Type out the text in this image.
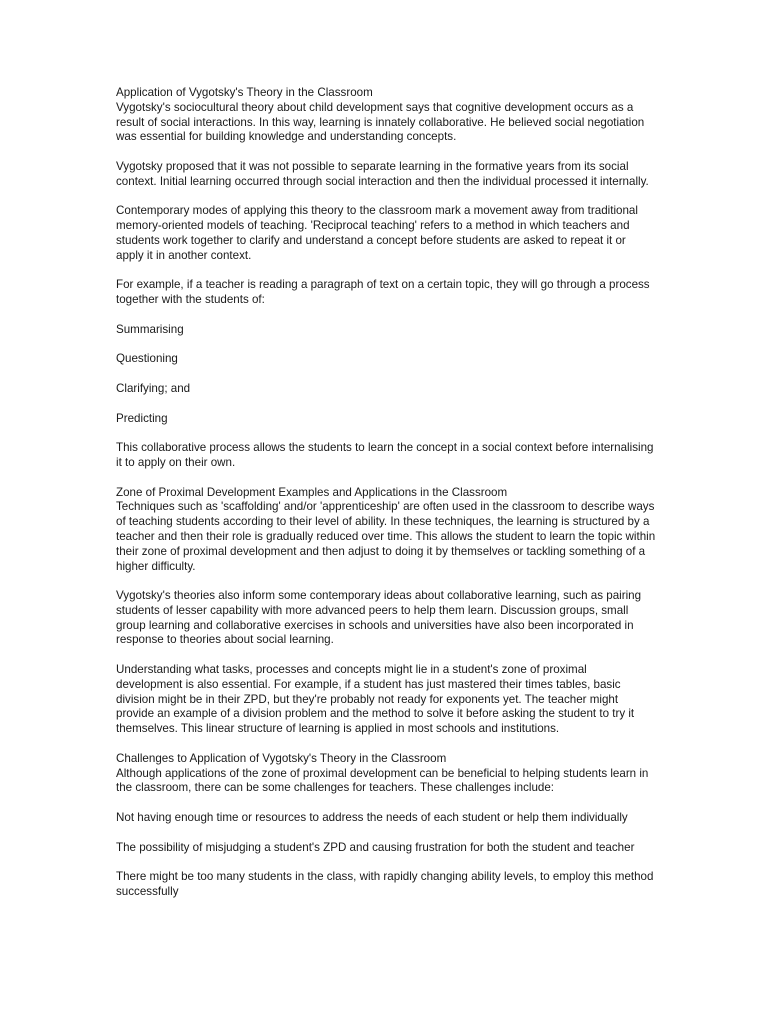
Application of Vygotsky's Theory in the Classroom

Vygotsky's sociocultural theory about child development says that cognitive development occurs as a result of social interactions. In this way, learning is innately collaborative. He believed social negotiation was essential for building knowledge and understanding concepts.

Vygotsky proposed that it was not possible to separate learning in the formative years from its social context. Initial learning occurred through social interaction and then the individual processed it internally.

Contemporary modes of applying this theory to the classroom mark a movement away from traditional memory-oriented models of teaching. 'Reciprocal teaching' refers to a method in which teachers and students work together to clarify and understand a concept before students are asked to repeat it or apply it in another context.

For example, if a teacher is reading a paragraph of text on a certain topic, they will go through a process together with the students of:

Summarising

Questioning

Clarifying; and

Predicting

This collaborative process allows the students to learn the concept in a social context before internalising it to apply on their own.

Zone of Proximal Development Examples and Applications in the Classroom

Techniques such as 'scaffolding' and/or 'apprenticeship' are often used in the classroom to describe ways of teaching students according to their level of ability. In these techniques, the learning is structured by a teacher and then their role is gradually reduced over time. This allows the student to learn the topic within their zone of proximal development and then adjust to doing it by themselves or tackling something of a higher difficulty.

Vygotsky's theories also inform some contemporary ideas about collaborative learning, such as pairing students of lesser capability with more advanced peers to help them learn. Discussion groups, small group learning and collaborative exercises in schools and universities have also been incorporated in response to theories about social learning.

Understanding what tasks, processes and concepts might lie in a student's zone of proximal development is also essential. For example, if a student has just mastered their times tables, basic division might be in their ZPD, but they're probably not ready for exponents yet. The teacher might provide an example of a division problem and the method to solve it before asking the student to try it themselves. This linear structure of learning is applied in most schools and institutions.

Challenges to Application of Vygotsky's Theory in the Classroom

Although applications of the zone of proximal development can be beneficial to helping students learn in the classroom, there can be some challenges for teachers. These challenges include:

Not having enough time or resources to address the needs of each student or help them individually

The possibility of misjudging a student's ZPD and causing frustration for both the student and teacher

There might be too many students in the class, with rapidly changing ability levels, to employ this method successfully
